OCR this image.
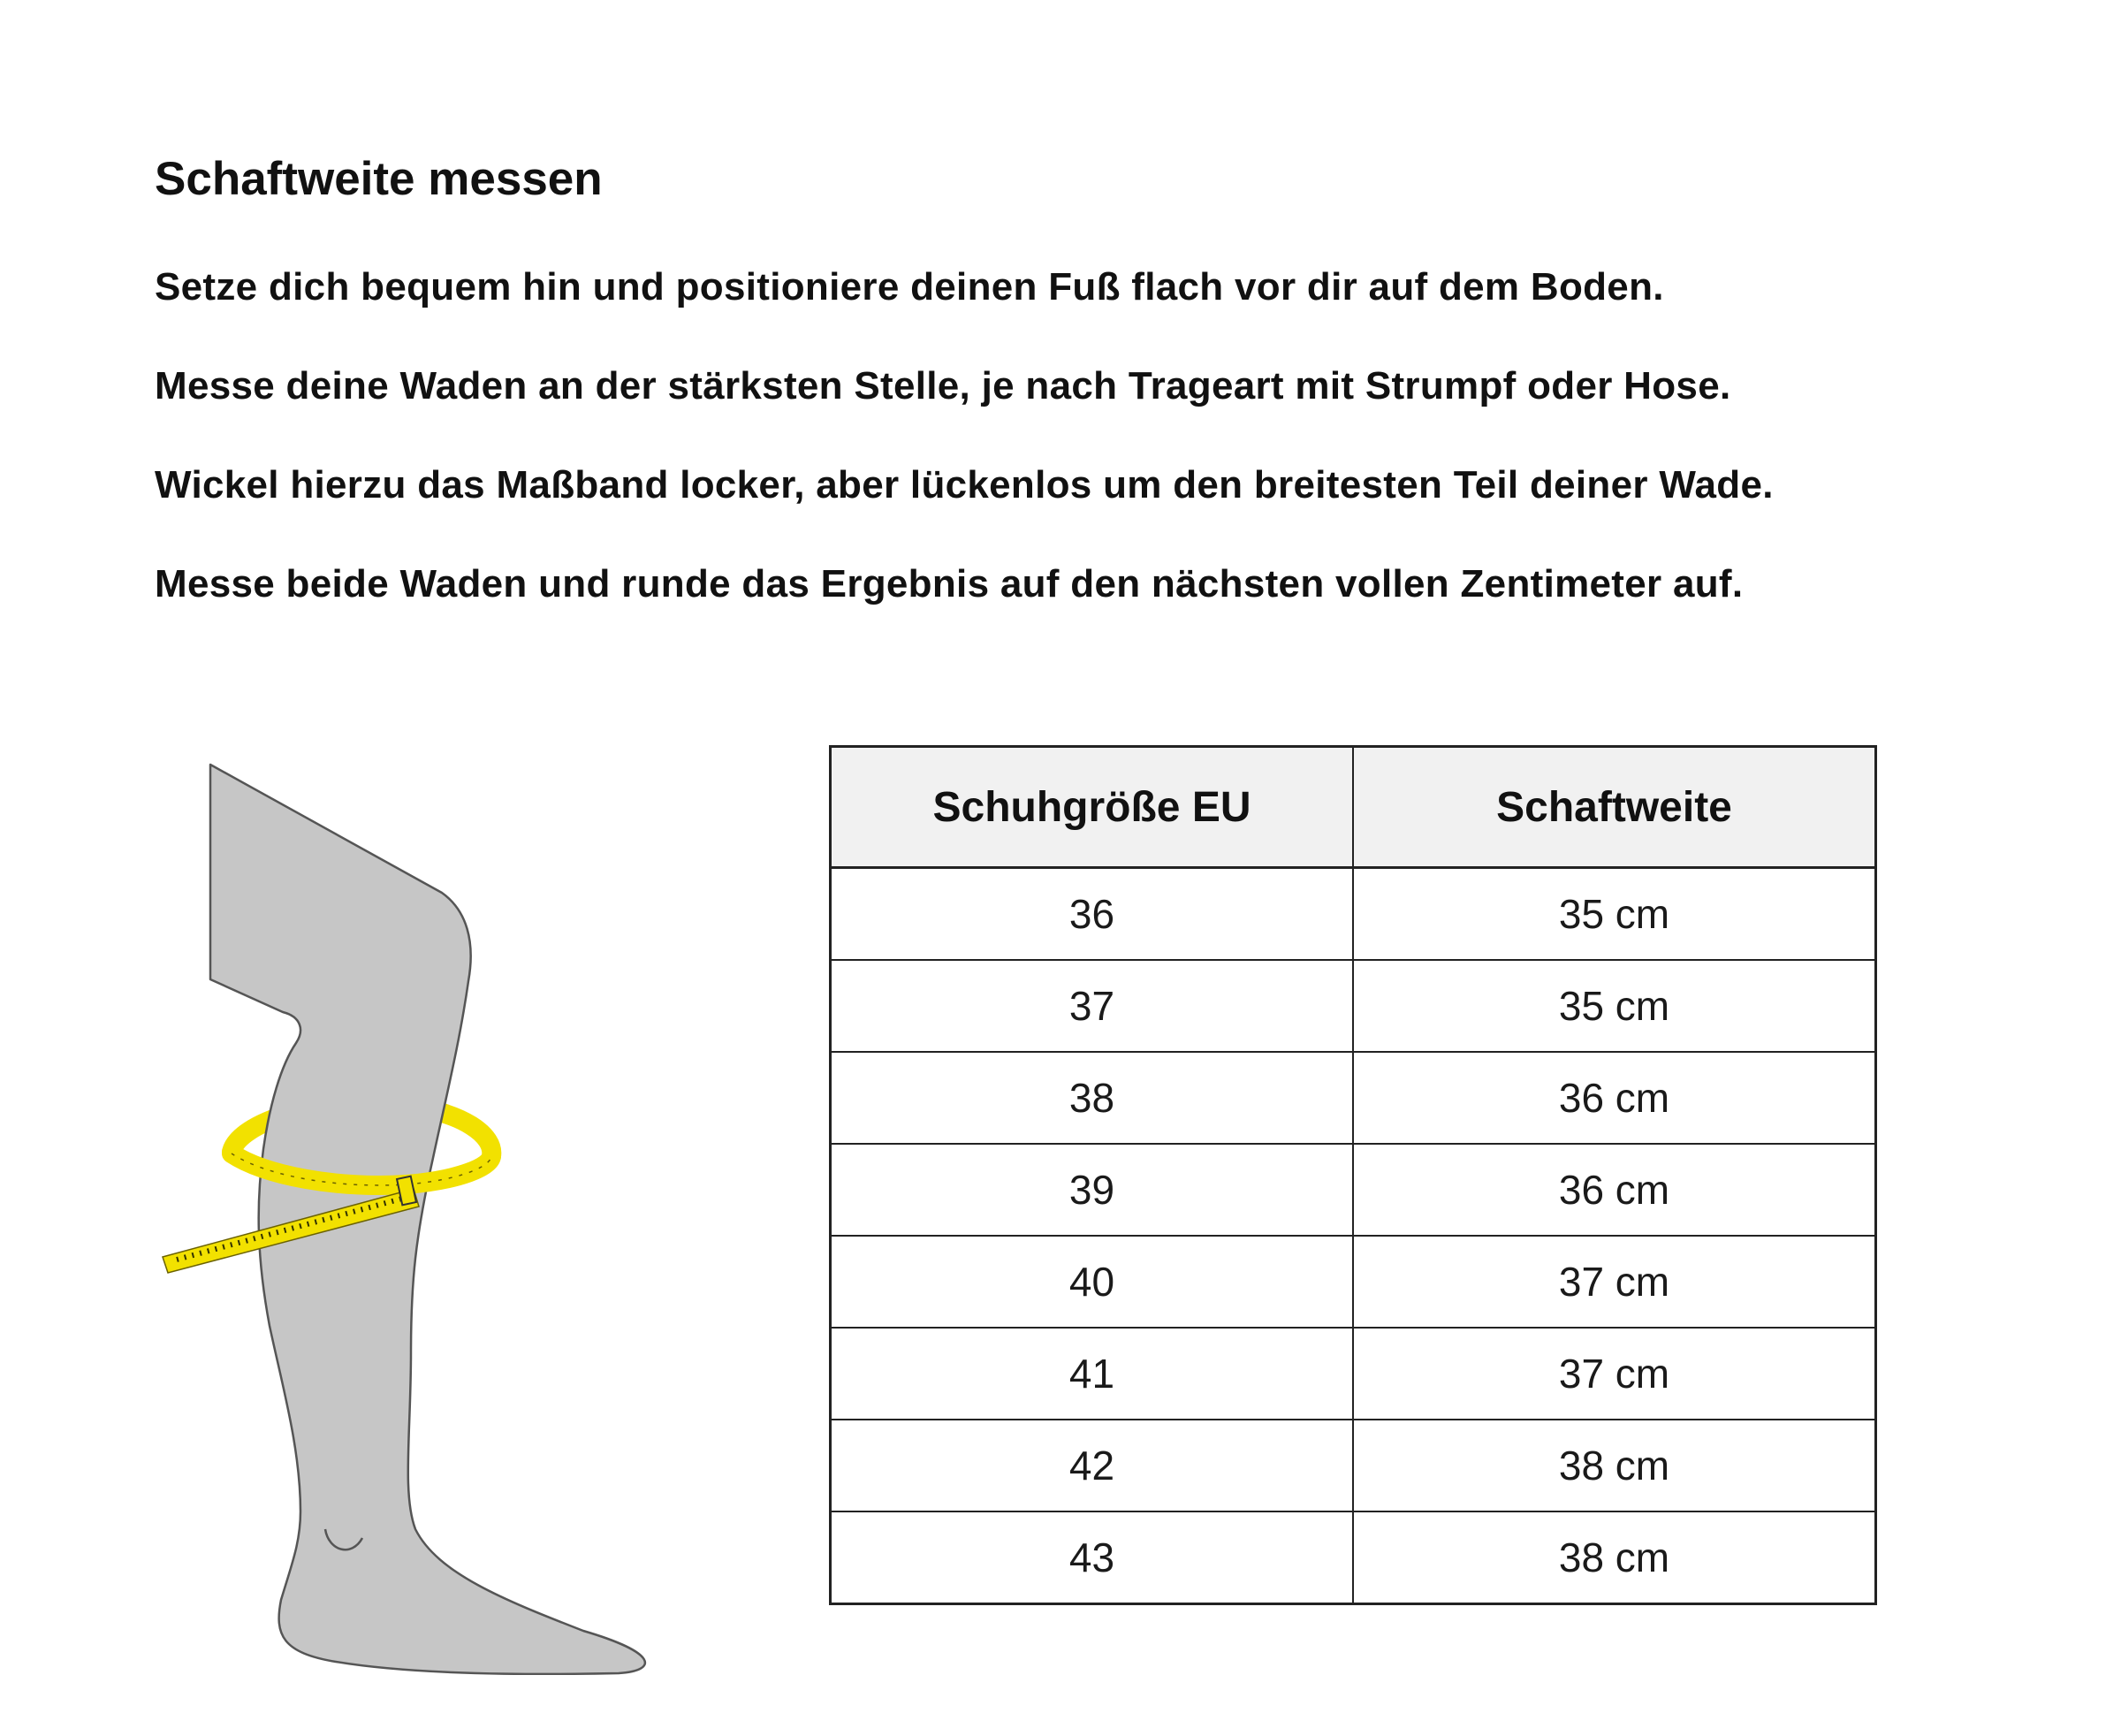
Schaftweite messen

Setze dich bequem hin und positioniere deinen Fuß flach vor dir auf dem Boden.

Messe deine Waden an der stärksten Stelle, je nach Trageart mit Strumpf oder Hose.

Wickel hierzu das Maßband locker, aber lückenlos um den breitesten Teil deiner Wade.

Messe beide Waden und runde das Ergebnis auf den nächsten vollen Zentimeter auf.

Schuhgröße EU	Schaftweite
36	35 cm
37	35 cm
38	36 cm
39	36 cm
40	37 cm
41	37 cm
42	38 cm
43	38 cm
